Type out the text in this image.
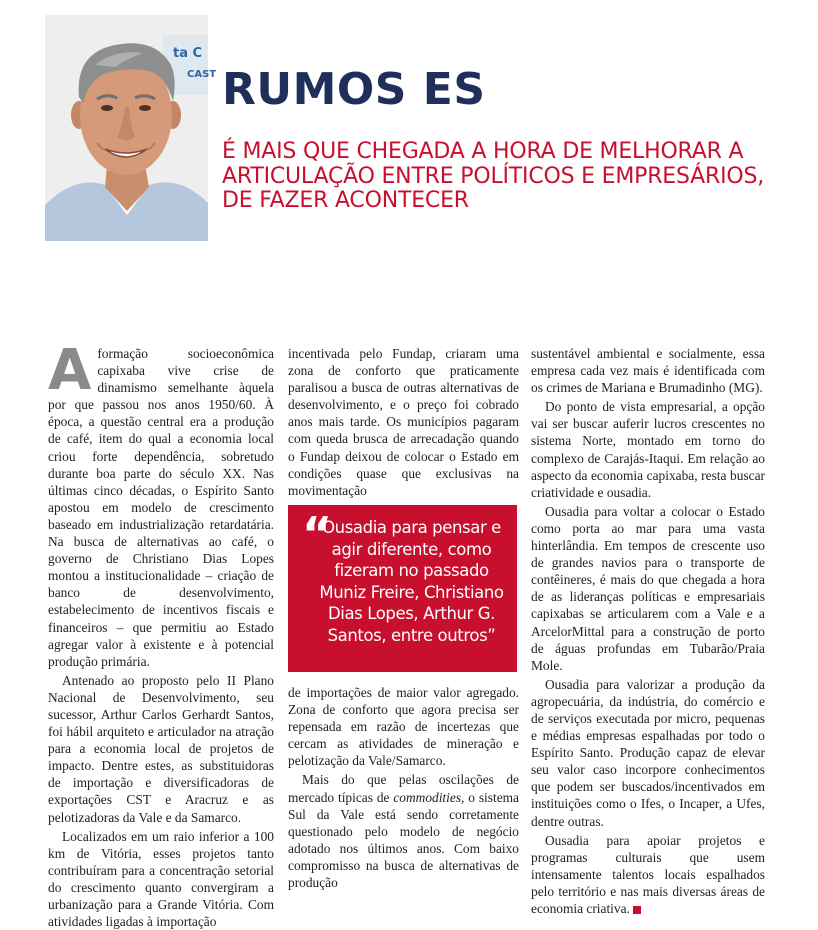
ta C
CAST RUMOS ES
É MAIS QUE CHEGADA A HORA DE MELHORAR A ARTICULAÇÃO ENTRE POLÍTICOS E EMPRESÁRIOS, DE FAZER ACONTECER

Aformação socioeconômica capixaba vive crise de dinamismo semelhante àquela por que passou nos anos 1950/60. À época, a questão central era a produção de café, item do qual a economia local criou forte dependência, sobretudo durante boa parte do século XX. Nas últimas cinco décadas, o Espírito Santo apostou em modelo de crescimento baseado em industrialização retardatária. Na busca de alternativas ao café, o governo de Christiano Dias Lopes montou a institucionalidade – criação de banco de desenvolvimento, estabelecimento de incentivos fiscais e financeiros – que permitiu ao Estado agregar valor à existente e à potencial produção primária.

Antenado ao proposto pelo II Plano Nacional de Desenvolvimento, seu sucessor, Arthur Carlos Gerhardt Santos, foi hábil arquiteto e articulador na atração para a economia local de projetos de impacto. Dentre estes, as substituidoras de importação e diversificadoras de exportações CST e Aracruz e as pelotizadoras da Vale e da Samarco.

Localizados em um raio inferior a 100 km de Vitória, esses projetos tanto contribuíram para a concentração setorial do crescimento quanto convergiram a urbanização para a Grande Vitória. Com atividades ligadas à importação

incentivada pelo Fundap, criaram uma zona de conforto que praticamente paralisou a busca de outras alternativas de desenvolvimento, e o preço foi cobrado anos mais tarde. Os municípios pagaram com queda brusca de arrecadação quando o Fundap deixou de colocar o Estado em condições quase que exclusivas na movimentação

“
Ousadia para pensar e agir diferente, como fizeram no passado Muniz Freire, Christiano Dias Lopes, Arthur G. Santos, entre outros”

de importações de maior valor agregado. Zona de conforto que agora precisa ser repensada em razão de incertezas que cercam as atividades de mineração e pelotização da Vale/Samarco.

Mais do que pelas oscilações de mercado típicas de commodities, o sistema Sul da Vale está sendo corretamente questionado pelo modelo de negócio adotado nos últimos anos. Com baixo compromisso na busca de alternativas de produção

sustentável ambiental e socialmente, essa empresa cada vez mais é identificada com os crimes de Mariana e Brumadinho (MG).

Do ponto de vista empresarial, a opção vai ser buscar auferir lucros crescentes no sistema Norte, montado em torno do complexo de Carajás-Itaqui. Em relação ao aspecto da economia capixaba, resta buscar criatividade e ousadia.

Ousadia para voltar a colocar o Estado como porta ao mar para uma vasta hinterlândia. Em tempos de crescente uso de grandes navios para o transporte de contêineres, é mais do que chegada a hora de as lideranças políticas e empresariais capixabas se articularem com a Vale e a ArcelorMittal para a construção de porto de águas profundas em Tubarão/Praia Mole.

Ousadia para valorizar a produção da agropecuária, da indústria, do comércio e de serviços executada por micro, pequenas e médias empresas espalhadas por todo o Espírito Santo. Produção capaz de elevar seu valor caso incorpore conhecimentos que podem ser buscados/incentivados em instituições como o Ifes, o Incaper, a Ufes, dentre outras.

Ousadia para apoiar projetos e programas culturais que usem intensamente talentos locais espalhados pelo território e nas mais diversas áreas de economia criativa.
